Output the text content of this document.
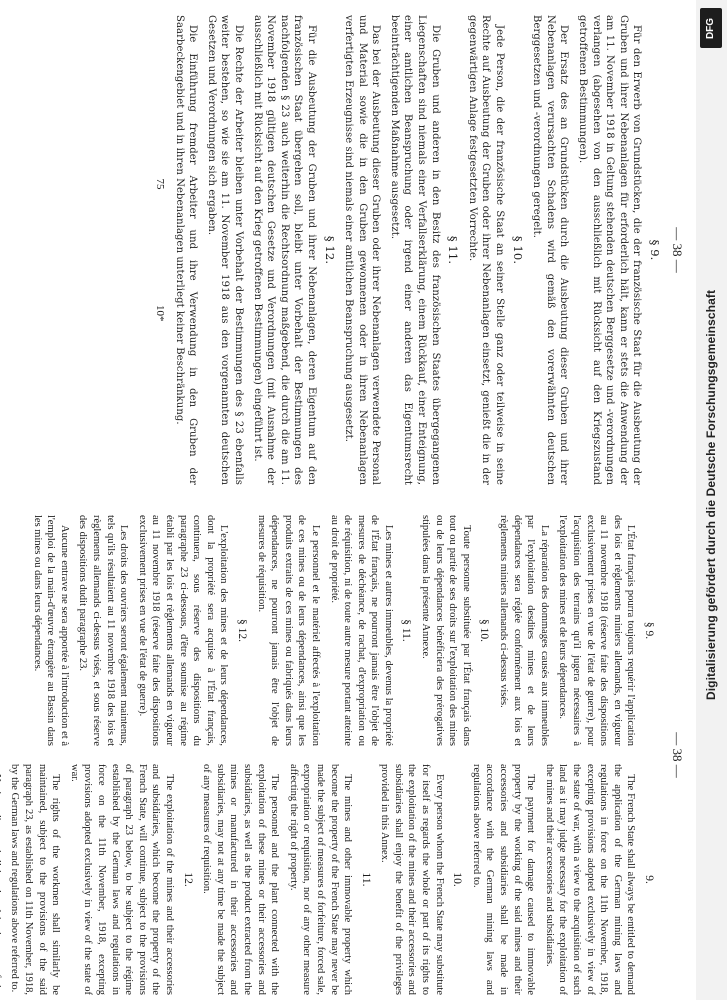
DFG
Digitalisierung gefördert durch die Deutsche Forschungsgemeinschaft
— 38 —
§ 9.

L'État français pourra toujours requérir l'application des lois et règlements miniers allemands, en vigueur au 11 novembre 1918 (réserve faite des dispositions exclusivement prises en vue de l'état de guerre), pour l'acquisition des terrains qu'il jugera nécessaires à l'exploitation des mines et de leurs dépendances.

La réparation des dommages causés aux immeubles par l'exploitation desdites mines et de leurs dépendances sera réglée conformément aux lois et règlements miniers allemands ci-dessus visés.

§ 10.

Toute personne substituée par l'État français dans tout ou partie de ses droits sur l'exploitation des mines ou de leurs dépendances bénéficiera des prérogatives stipulées dans la présente Annexe.

§ 11.

Les mines et autres immeubles, devenus la propriété de l'État français, ne pourront jamais être l'objet de mesures de déchéance, de rachat, d'expropriation ou de réquisition, ni de toute autre mesure portant atteinte au droit de propriété.

Le personnel et le matériel affectés à l'exploitation de ces mines ou de leurs dépendances, ainsi que les produits extraits de ces mines ou fabriqués dans leurs dépendances, ne pourront jamais être l'objet de mesures de réquisition.

§ 12.

L'exploitation des mines et de leurs dépendances, dont la propriété sera acquise à l'État français, continuera, sous réserve des dispositions du paragraphe 23 ci-dessous, d'être soumise au régime établi par les lois et règlements allemands en vigueur au 11 novembre 1918 (réserve faite des dispositions exclusivement prises en vue de l'état de guerre).

Les droits des ouvriers seront également maintenus, tels qu'ils résultaient au 11 novembre 1918 des lois et règlements allemands ci-dessus visés, et sous réserve des dispositions dudit paragraphe 23.

Aucune entrave ne sera apportée à l'introduction et à l'emploi de la main-d'œuvre étrangère au Bassin dans les mines ou dans leurs dépendances.

9.

The French State shall always be entitled to demand the application of the German mining laws and regulations in force on the 11th November, 1918, excepting provisions adopted exclusively in view of the state of war, with a view to the acquisition of such land as it may judge necessary for the exploitation of the mines and their accessories and subsidiaries.

The payment for damage caused to immovable property by the working of the said mines and their accessories and subsidiaries shall be made in accordance with the German mining laws and regulations above referred to.

10.

Every person whom the French State may substitute for itself as regards the whole or part of its rights to the exploitation of the mines and their accessories and subsidiaries shall enjoy the benefit of the privileges provided in this Annex.

11.

The mines and other immovable property which become the property of the French State may never be made the subject of measures of forfeiture, forced sale, expropriation or requisition, nor of any other measure affecting the right of property.

The personnel and the plant connected with the exploitation of these mines or their accessories and subsidiaries, as well as the product extracted from the mines or manufactured in their accessories and subsidiaries, may not at any time be made the subject of any measures of requisition.

12.

The exploitation of the mines and their accessories and subsidiaries, which become the property of the French State, will continue, subject to the provisions of paragraph 23 below, to be subject to the régime established by the German laws and regulations in force on the 11th November, 1918, excepting provisions adopted exclusively in view of the state of war.

The rights of the workmen shall similarly be maintained, subject to the provisions of the said paragraph 23, as established on 11th November, 1918, by the German laws and regulations above referred to.

— 38 —
§ 9.

Für den Erwerb von Grundstücken, die der französische Staat für die Ausbeutung der Gruben und ihrer Nebenanlagen für erforderlich hält, kann er stets die Anwendung der am 11. November 1918 in Geltung stehenden deutschen Berggesetze und -verordnungen verlangen (abgesehen von den ausschließlich mit Rücksicht auf den Kriegszustand getroffenen Bestimmungen).

Der Ersatz des an Grundstücken durch die Ausbeutung dieser Gruben und ihrer Nebenanlagen verursachten Schadens wird gemäß den vorerwähnten deutschen Berggesetzen und -verordnungen geregelt.

§ 10.

Jede Person, die der französische Staat an seiner Stelle ganz oder teilweise in seine Rechte auf Ausbeutung der Gruben oder ihrer Nebenanlagen einsetzt, genießt die in der gegenwärtigen Anlage festgesetzten Vorrechte.

§ 11.

Die Gruben und anderen in den Besitz des französischen Staates übergegangenen Liegenschaften sind niemals einer Verfallserklärung, einem Rückkauf, einer Enteignung, einer amtlichen Beanspruchung oder irgend einer anderen das Eigentumsrecht beeinträchtigenden Maßnahme ausgesetzt.

Das bei der Ausbeutung dieser Gruben oder ihrer Nebenanlagen verwendete Personal und Material sowie die in den Gruben gewonnenen oder in ihren Nebenanlagen verfertigten Erzeugnisse sind niemals einer amtlichen Beanspruchung ausgesetzt.

§ 12.

Für die Ausbeutung der Gruben und ihrer Nebenanlagen, deren Eigentum auf den französischen Staat übergehen soll, bleibt unter Vorbehalt der Bestimmungen des nachfolgenden § 23 auch weiterhin die Rechtsordnung maßgebend, die durch die am 11. November 1918 gültigen deutschen Gesetze und Verordnungen (mit Ausnahme der ausschließlich mit Rücksicht auf den Krieg getroffenen Bestimmungen) eingeführt ist.

Die Rechte der Arbeiter bleiben unter Vorbehalt der Bestimmungen des § 23 ebenfalls weiter bestehen, so wie sie am 11. November 1918 aus den vorgenannten deutschen Gesetzen und Verordnungen sich ergaben.

Die Einführung fremder Arbeiter und ihre Verwendung in den Gruben der Saarbeckengebiet und in ihren Nebenanlagen unterliegt keiner Beschränkung.

75  10*
